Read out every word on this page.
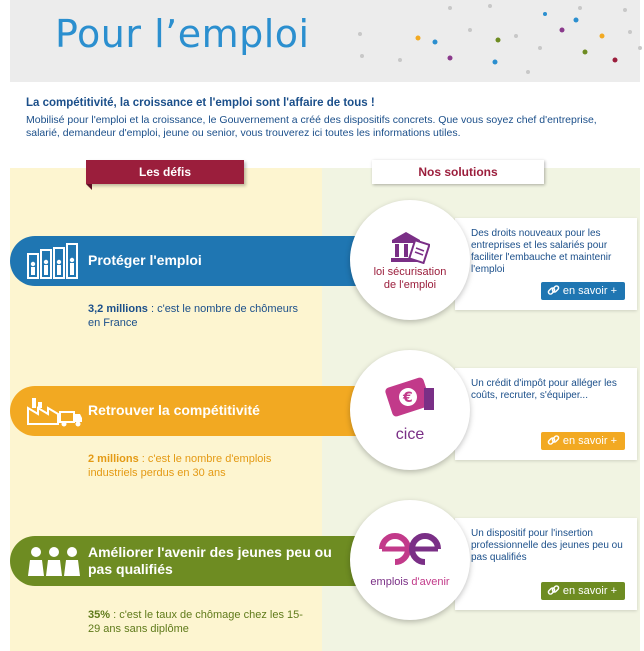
Pour l’emploi
La compétitivité, la croissance et l'emploi sont l'affaire de tous !
Mobilisé pour l'emploi et la croissance, le Gouvernement a créé des dispositifs concrets. Que vous soyez chef d'entreprise, salarié, demandeur d'emploi, jeune ou senior, vous trouverez ici toutes les informations utiles.
Les défis	Nos solutions
Protéger l'emploi
3,2 millions : c'est le nombre de chômeurs en France
Des droits nouveaux pour les entreprises et les salariés pour faciliter l'embauche et maintenir l'emploi
en savoir +
loi sécurisation
de l'emploi
Retrouver la compétitivité
2 millions : c'est le nombre d'emplois industriels perdus en 30 ans
Un crédit d'impôt pour alléger les coûts, recruter, s'équiper...
en savoir +
€
cice
Améliorer l'avenir des jeunes peu ou pas qualifiés
35% : c'est le taux de chômage chez les 15-29 ans sans diplôme
Un dispositif pour l'insertion professionnelle des jeunes peu ou pas qualifiés
en savoir +
emplois d'avenir
